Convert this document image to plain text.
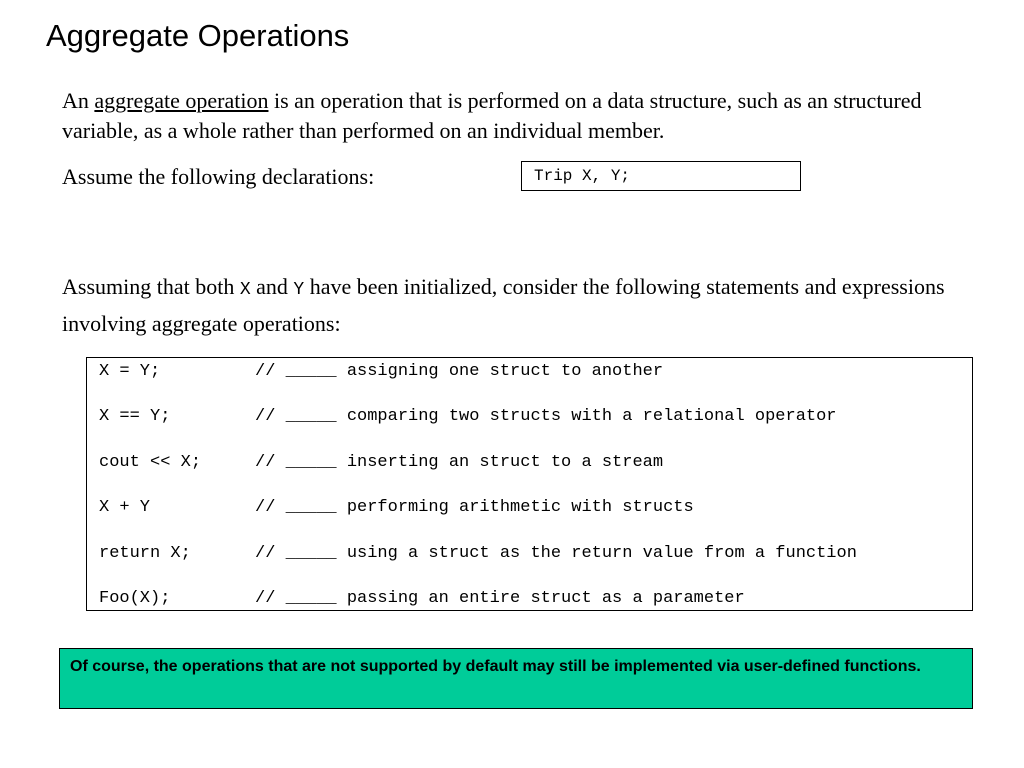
Aggregate Operations
An aggregate operation is an operation that is performed on a data structure, such as an structured variable, as a whole rather than performed on an individual member.
Assume the following declarations:	Trip X, Y;
Assuming that both X and Y have been initialized, consider the following statements and expressions involving aggregate operations:
X = Y;	// _____ assigning one struct to another
X == Y;	// _____ comparing two structs with a relational operator
cout << X;	// _____ inserting an struct to a stream
X + Y	// _____ performing arithmetic with structs
return X;	// _____ using a struct as the return value from a function
Foo(X);	// _____ passing an entire struct as a parameter
Of course, the operations that are not supported by default may still be implemented via user-defined functions.
